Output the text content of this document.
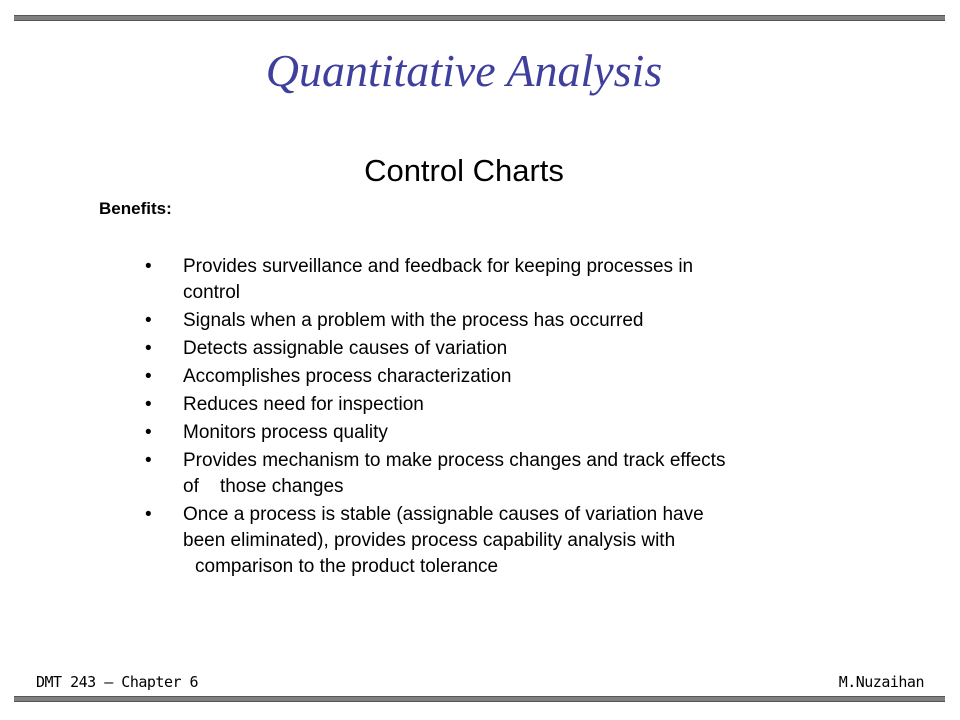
Quantitative Analysis
Control Charts
Benefits:
• Provides surveillance and feedback for keeping processes in
control
• Signals when a problem with the process has occurred
• Detects assignable causes of variation
• Accomplishes process characterization
• Reduces need for inspection
• Monitors process quality
• Provides mechanism to make process changes and track effects
of    those changes
• Once a process is stable (assignable causes of variation have
been eliminated), provides process capability analysis with
comparison to the product tolerance
DMT 243 – Chapter 6	M.Nuzaihan
